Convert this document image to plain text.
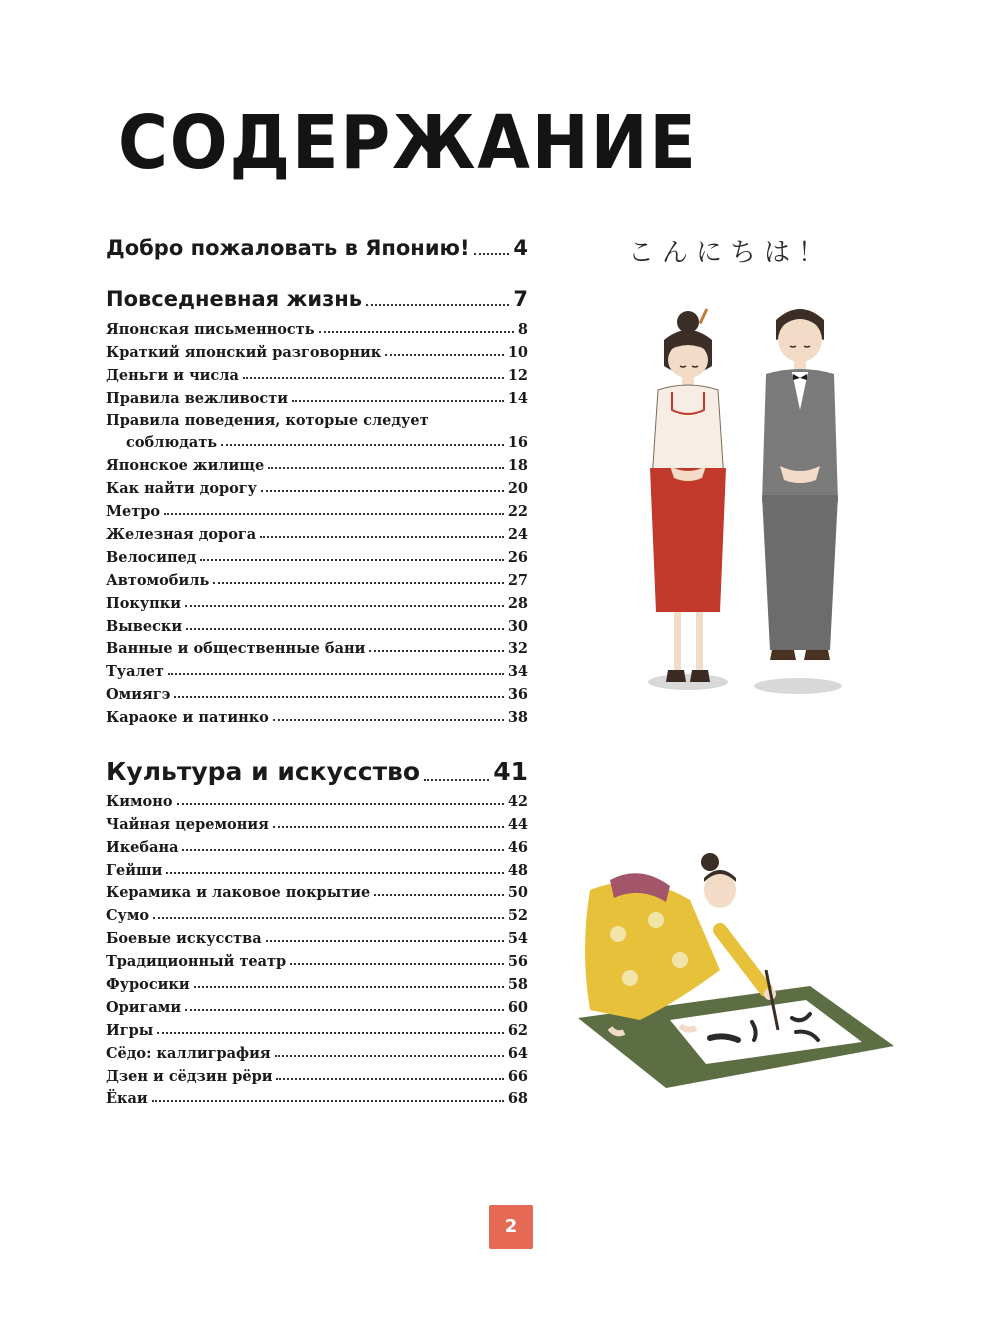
СОДЕРЖАНИЕ
Добро пожаловать в Японию! 4
Повседневная жизнь	7
Японская письменность	8
Краткий японский разговорник	10
Деньги и числа	12
Правила вежливости	14
Правила поведения, которые следует
соблюдать	16
Японское жилище	18
Как найти дорогу	20
Метро	22
Железная дорога	24
Велосипед	26
Автомобиль	27
Покупки	28
Вывески	30
Ванные и общественные бани	32
Туалет	34
Омиягэ	36
Караоке и патинко	38
Культура и искусство	41
Кимоно	42
Чайная церемония	44
Икебана	46
Гейши	48
Керамика и лаковое покрытие	50
Сумо	52
Боевые искусства	54
Традиционный театр	56
Фуросики	58
Оригами	60
Игры	62
Сёдо: каллиграфия	64
Дзен и сёдзин рёри	66
Ёкаи	68
こんにちは！
2
